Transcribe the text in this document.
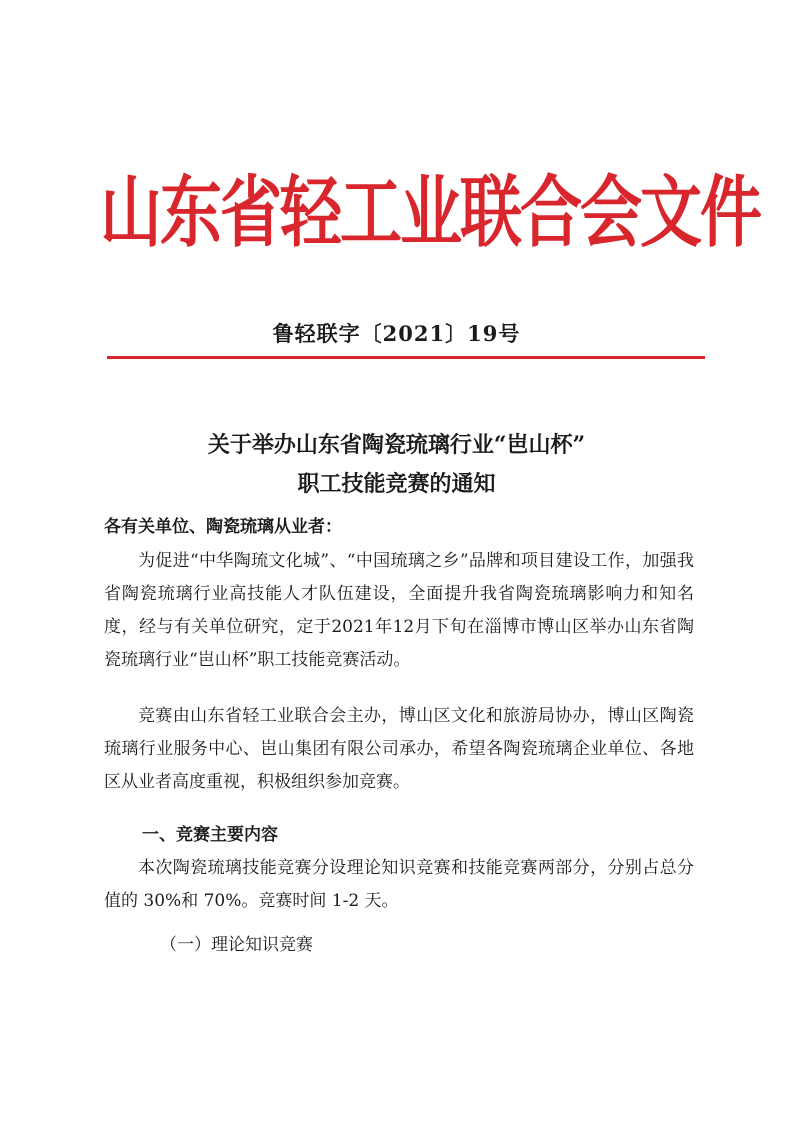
山东省轻工业联合会文件
鲁轻联字〔2021〕19号
关于举办山东省陶瓷琉璃行业“岜山杯”
职工技能竞赛的通知
各有关单位、陶瓷琉璃从业者：

为促进“中华陶琉文化城”、“中国琉璃之乡”品牌和项目建设工作，加强我省陶瓷琉璃行业高技能人才队伍建设，全面提升我省陶瓷琉璃影响力和知名度，经与有关单位研究，定于2021年12月下旬在淄博市博山区举办山东省陶瓷琉璃行业“岜山杯”职工技能竞赛活动。

竞赛由山东省轻工业联合会主办，博山区文化和旅游局协办，博山区陶瓷琉璃行业服务中心、岜山集团有限公司承办，希望各陶瓷琉璃企业单位、各地区从业者高度重视，积极组织参加竞赛。

一、竞赛主要内容

本次陶瓷琉璃技能竞赛分设理论知识竞赛和技能竞赛两部分，分别占总分值的 30%和 70%。竞赛时间 1-2 天。

（一）理论知识竞赛
